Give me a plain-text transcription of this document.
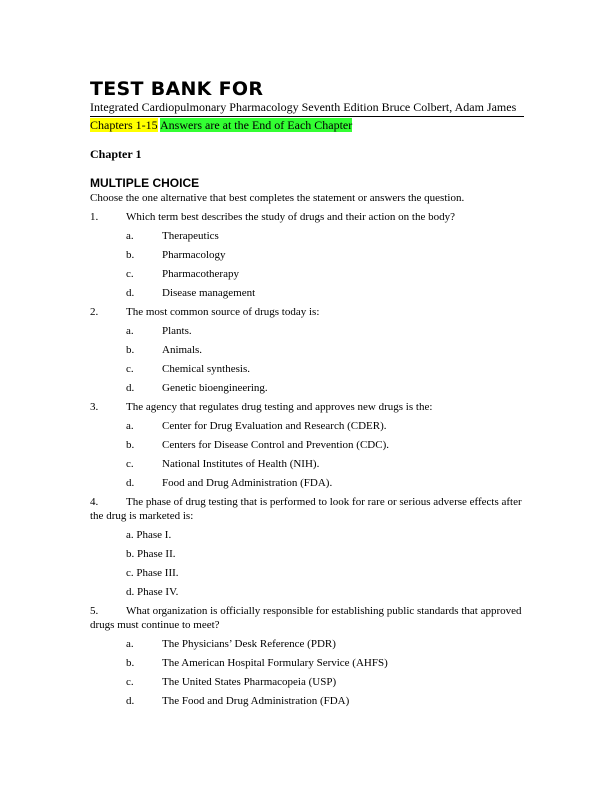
TEST BANK FOR
Integrated Cardiopulmonary Pharmacology Seventh Edition Bruce Colbert, Adam James
Chapters 1-15 Answers are at the End of Each Chapter
Chapter 1
MULTIPLE CHOICE
Choose the one alternative that best completes the statement or answers the question.
1.	Which term best describes the study of drugs and their action on the body?
a.	Therapeutics
b.	Pharmacology
c.	Pharmacotherapy
d.	Disease management
2.	The most common source of drugs today is:
a.	Plants.
b.	Animals.
c.	Chemical synthesis.
d.	Genetic bioengineering.
3.	The agency that regulates drug testing and approves new drugs is the:
a.	Center for Drug Evaluation and Research (CDER).
b.	Centers for Disease Control and Prevention (CDC).
c.	National Institutes of Health (NIH).
d.	Food and Drug Administration (FDA).
4.	The phase of drug testing that is performed to look for rare or serious adverse effects after the drug is marketed is:
a. Phase I.
b. Phase II.
c. Phase III.
d. Phase IV.
5.	What organization is officially responsible for establishing public standards that approved drugs must continue to meet?
a.	The Physicians’ Desk Reference (PDR)
b.	The American Hospital Formulary Service (AHFS)
c.	The United States Pharmacopeia (USP)
d.	The Food and Drug Administration (FDA)
